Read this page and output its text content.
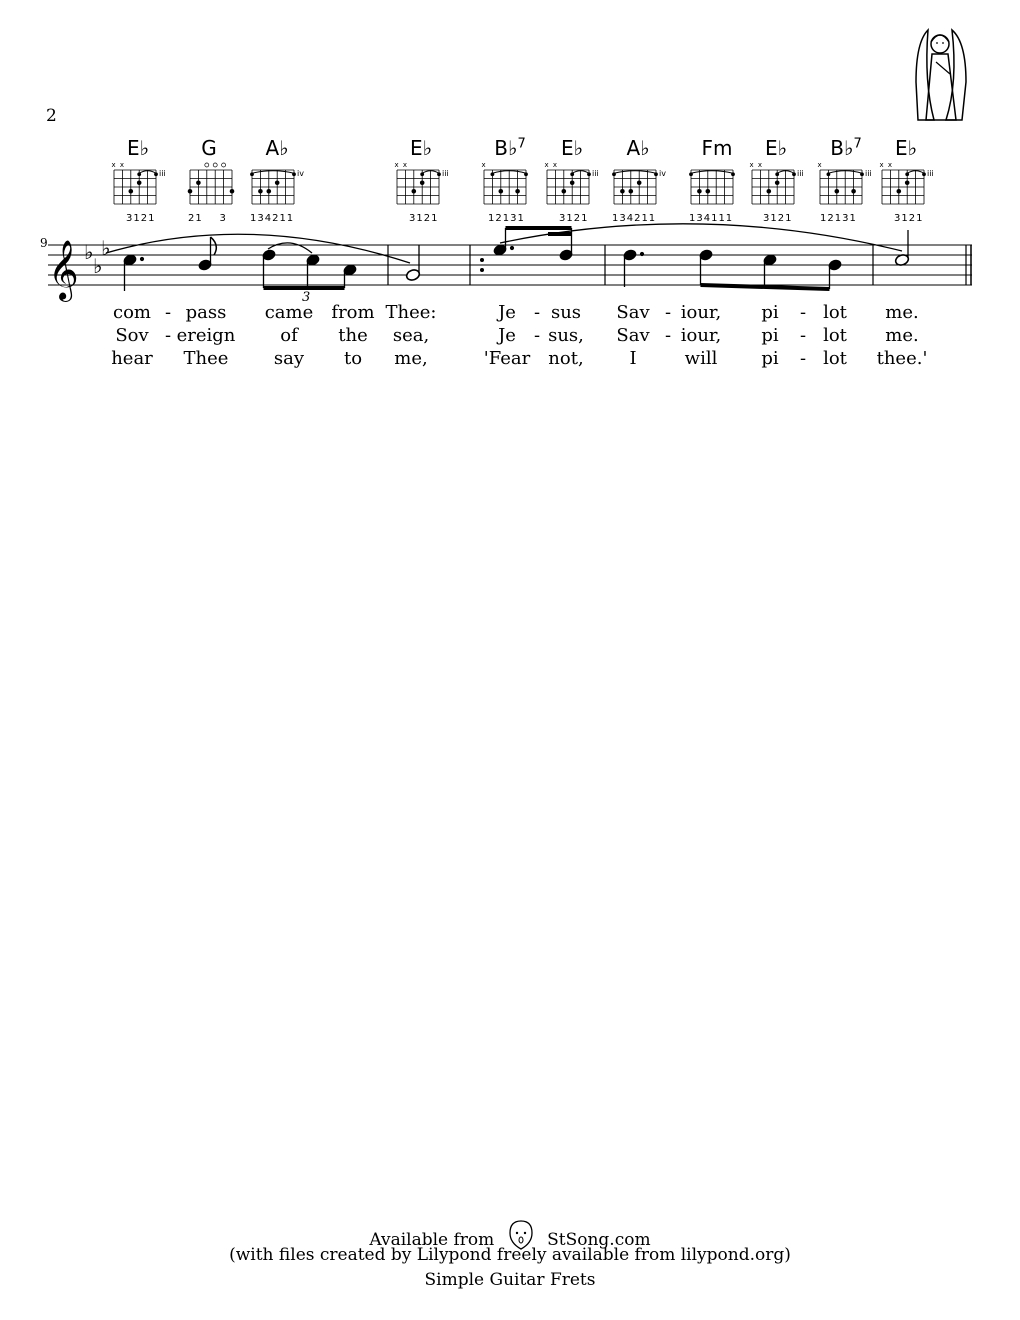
2
E♭	G A♭	E♭	B♭$^7$ E♭ A♭	Fm E♭ B♭$^7$ E♭
x x
iii	iv
x x
iii
x	x x
iii	iv
x x
iii
x
iii
x x
iii
3121	21    3 134211	3121	12131	3121 134211	134111	3121	12131	3121
9 𝄞 ♭
♭
♭
3
com pass came from Thee:	Je sus Sav iour, pi lot me.
-	-	-	-
Sov ereign of the sea,	Je sus, Sav iour, pi lot me.
-	-	-	-
hear Thee	say to me,	'Fear not,	I	will pi lot thee.'
-
Available from	StSong.com
(with files created by Lilypond freely available from lilypond.org)
Simple Guitar Frets
